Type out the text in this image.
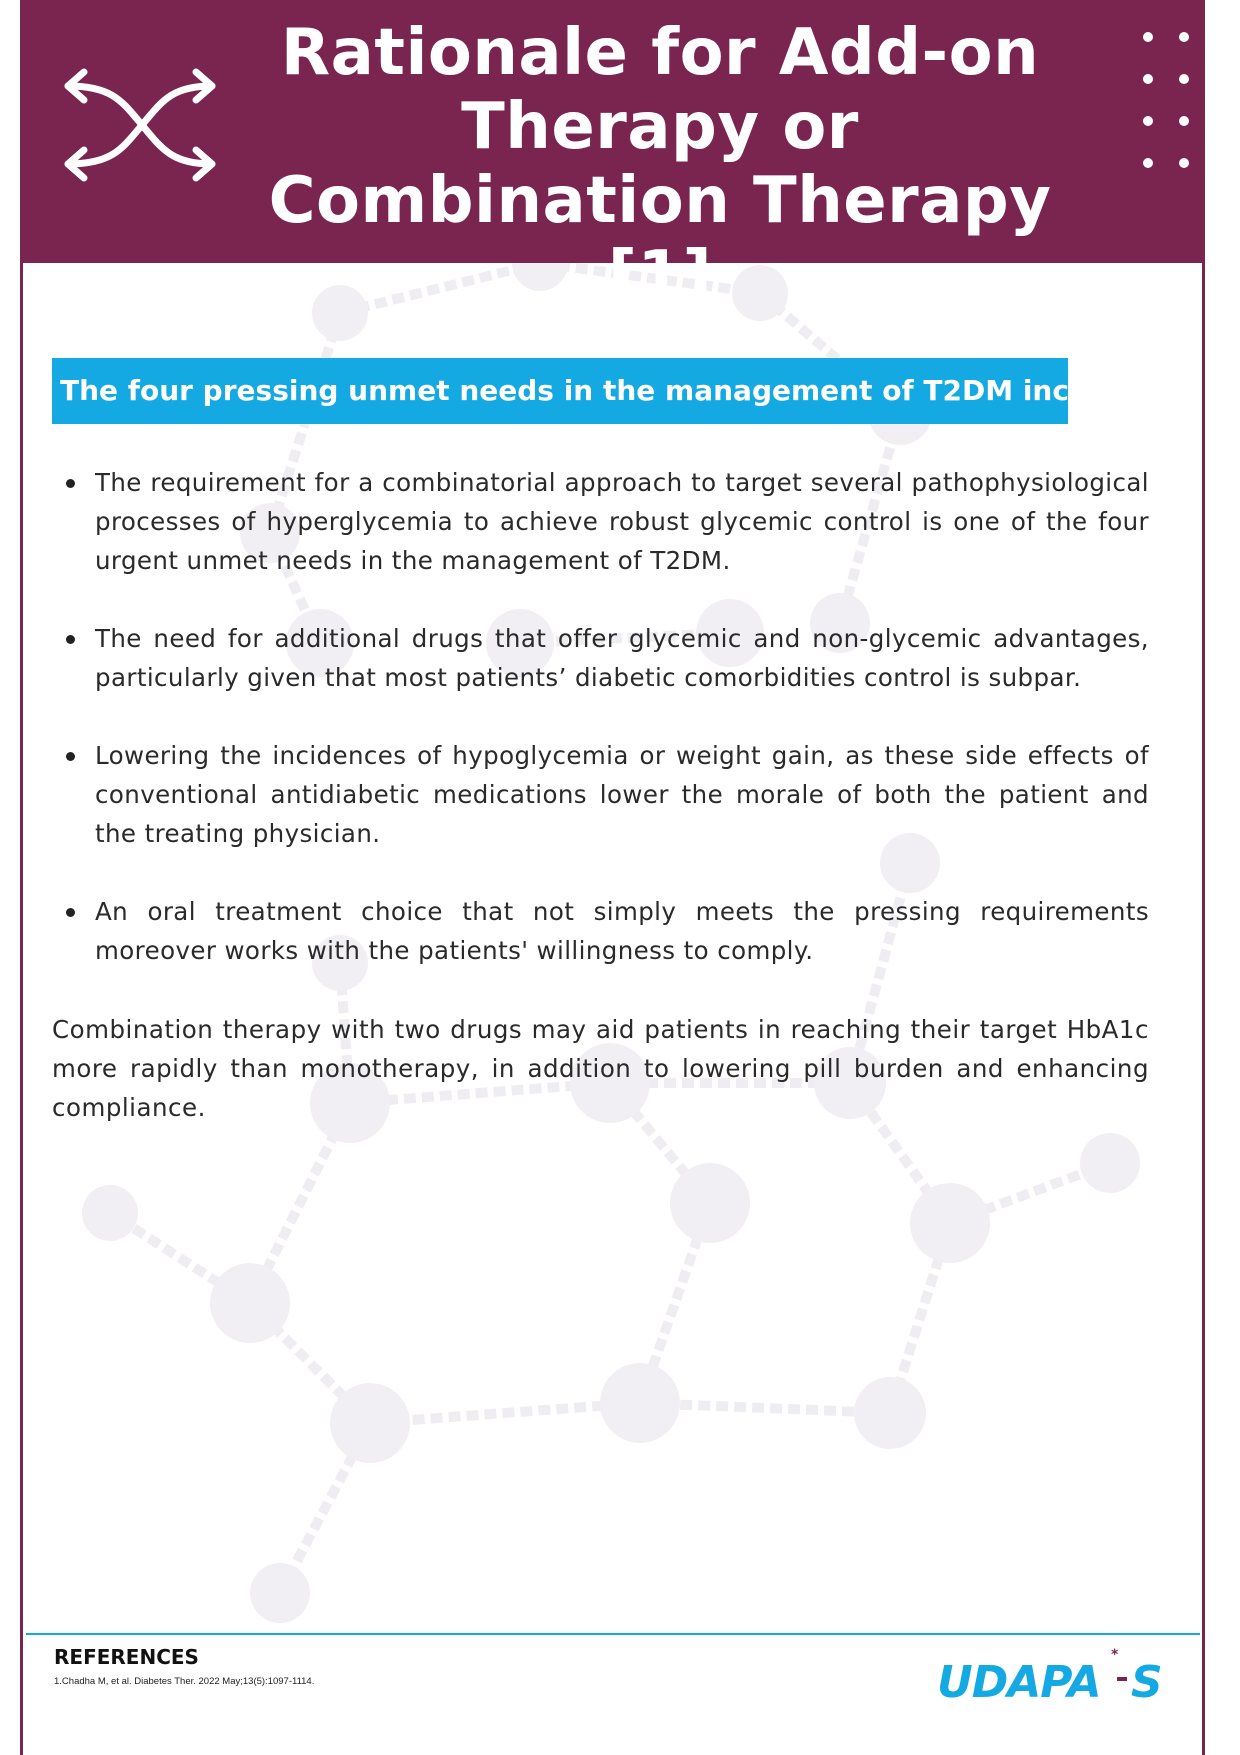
Rationale for Add-on Therapy or Combination Therapy [1]
The four pressing unmet needs in the management of T2DM include:
The requirement for a combinatorial approach to target several pathophysiological processes of hyperglycemia to achieve robust glycemic control is one of the four urgent unmet needs in the management of T2DM.
The need for additional drugs that offer glycemic and non-glycemic advantages, particularly given that most patients’ diabetic comorbidities control is subpar.
Lowering the incidences of hypoglycemia or weight gain, as these side effects of conventional antidiabetic medications lower the morale of both the patient and the treating physician.
An oral treatment choice that not simply meets the pressing requirements moreover works with the patients' willingness to comply.
Combination therapy with two drugs may aid patients in reaching their target HbA1c more rapidly than monotherapy, in addition to lowering pill burden and enhancing compliance.
REFERENCES
1.Chadha M, et al. Diabetes Ther. 2022 May;13(5):1097-1114.	UDAPA
*
S
